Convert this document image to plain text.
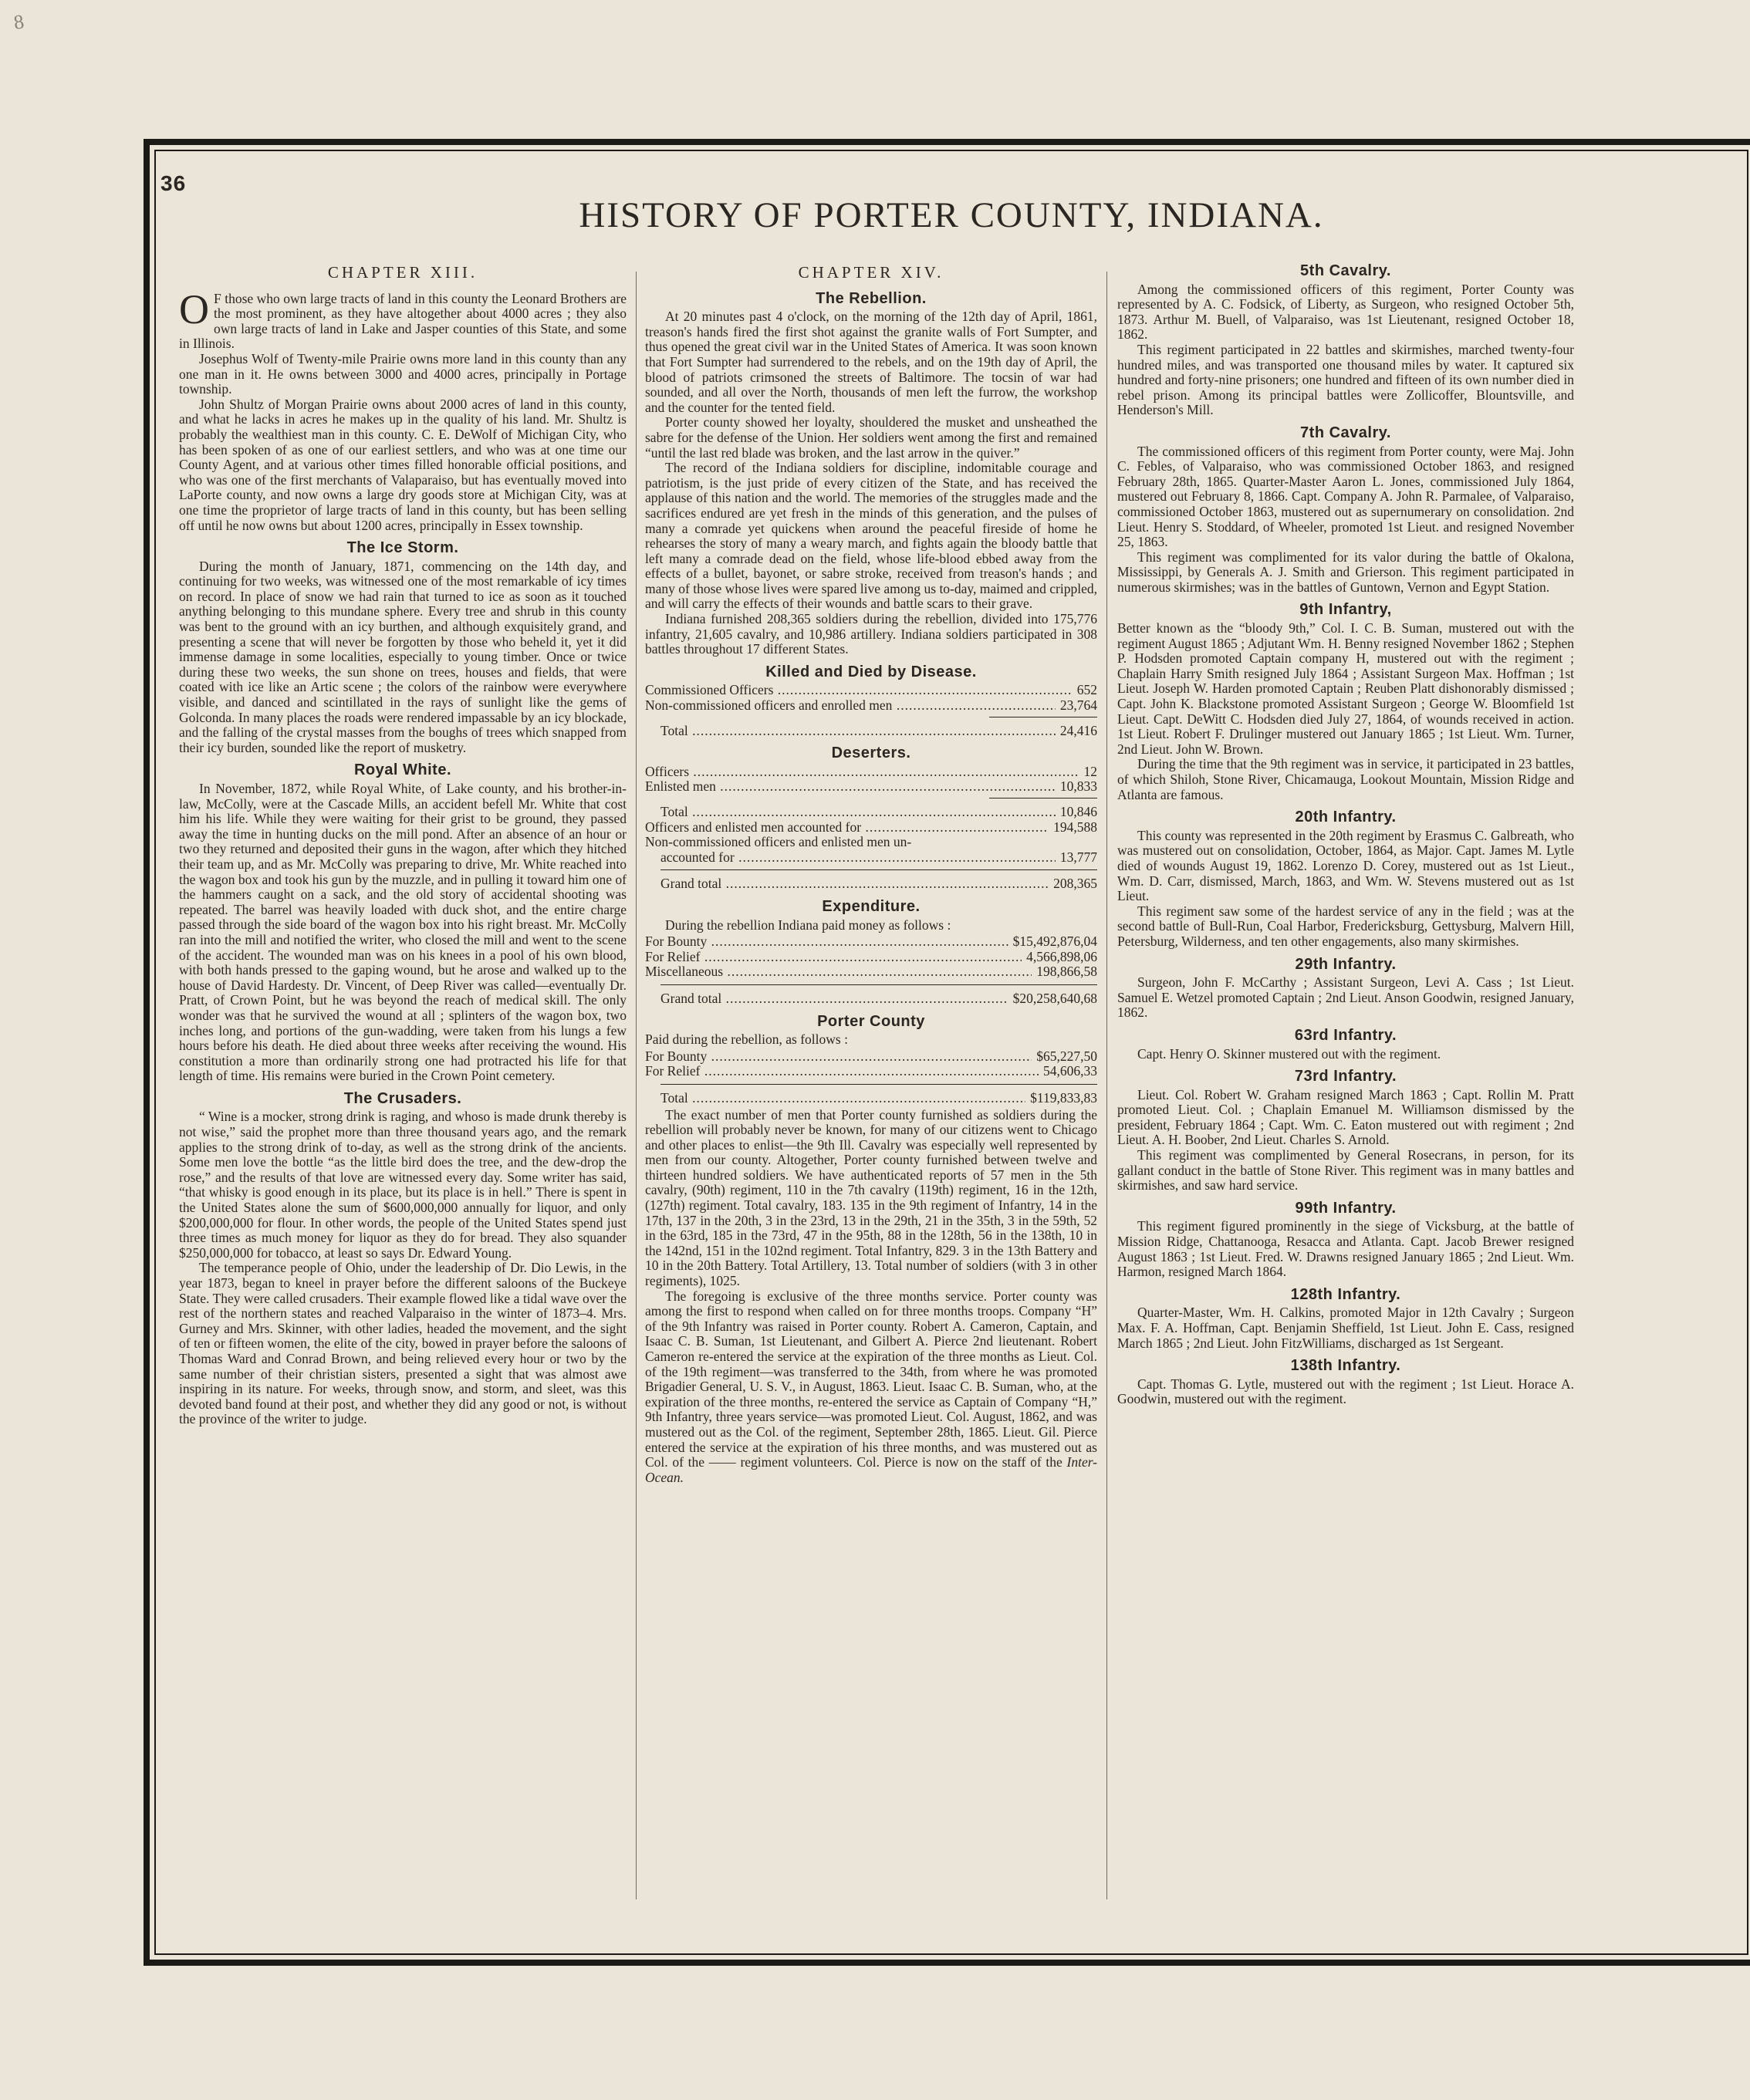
8
36
HISTORY OF PORTER COUNTY, INDIANA.
CHAPTER XIII.

O F those who own large tracts of land in this county the Leonard Brothers are the most prominent, as they have altogether about 4000 acres ; they also own large tracts of land in Lake and Jasper counties of this State, and some in Illinois.

Josephus Wolf of Twenty-mile Prairie owns more land in this county than any one man in it. He owns between 3000 and 4000 acres, principally in Portage township.

John Shultz of Morgan Prairie owns about 2000 acres of land in this county, and what he lacks in acres he makes up in the quality of his land. Mr. Shultz is probably the wealthiest man in this county. C. E. DeWolf of Michigan City, who has been spoken of as one of our earliest settlers, and who was at one time our County Agent, and at various other times filled honorable official positions, and who was one of the first merchants of Valaparaiso, but has eventually moved into LaPorte county, and now owns a large dry goods store at Michigan City, was at one time the proprietor of large tracts of land in this county, but has been selling off until he now owns but about 1200 acres, principally in Essex township.

The Ice Storm.

During the month of January, 1871, commencing on the 14th day, and continuing for two weeks, was witnessed one of the most remarkable of icy times on record. In place of snow we had rain that turned to ice as soon as it touched anything belonging to this mundane sphere. Every tree and shrub in this county was bent to the ground with an icy burthen, and although exquisitely grand, and presenting a scene that will never be forgotten by those who beheld it, yet it did immense damage in some localities, especially to young timber. Once or twice during these two weeks, the sun shone on trees, houses and fields, that were coated with ice like an Artic scene ; the colors of the rainbow were everywhere visible, and danced and scintillated in the rays of sunlight like the gems of Golconda. In many places the roads were rendered impassable by an icy blockade, and the falling of the crystal masses from the boughs of trees which snapped from their icy burden, sounded like the report of musketry.

Royal White.

In November, 1872, while Royal White, of Lake county, and his brother-in-law, McColly, were at the Cascade Mills, an accident befell Mr. White that cost him his life. While they were waiting for their grist to be ground, they passed away the time in hunting ducks on the mill pond. After an absence of an hour or two they returned and deposited their guns in the wagon, after which they hitched their team up, and as Mr. McColly was preparing to drive, Mr. White reached into the wagon box and took his gun by the muzzle, and in pulling it toward him one of the hammers caught on a sack, and the old story of accidental shooting was repeated. The barrel was heavily loaded with duck shot, and the entire charge passed through the side board of the wagon box into his right breast. Mr. McColly ran into the mill and notified the writer, who closed the mill and went to the scene of the accident. The wounded man was on his knees in a pool of his own blood, with both hands pressed to the gaping wound, but he arose and walked up to the house of David Hardesty. Dr. Vincent, of Deep River was called—eventually Dr. Pratt, of Crown Point, but he was beyond the reach of medical skill. The only wonder was that he survived the wound at all ; splinters of the wagon box, two inches long, and portions of the gun-wadding, were taken from his lungs a few hours before his death. He died about three weeks after receiving the wound. His constitution a more than ordinarily strong one had protracted his life for that length of time. His remains were buried in the Crown Point cemetery.

The Crusaders.

“ Wine is a mocker, strong drink is raging, and whoso is made drunk thereby is not wise,” said the prophet more than three thousand years ago, and the remark applies to the strong drink of to-day, as well as the strong drink of the ancients. Some men love the bottle “as the little bird does the tree, and the dew-drop the rose,” and the results of that love are witnessed every day. Some writer has said, “that whisky is good enough in its place, but its place is in hell.” There is spent in the United States alone the sum of $600,000,000 annually for liquor, and only $200,000,000 for flour. In other words, the people of the United States spend just three times as much money for liquor as they do for bread. They also squander $250,000,000 for tobacco, at least so says Dr. Edward Young.

The temperance people of Ohio, under the leadership of Dr. Dio Lewis, in the year 1873, began to kneel in prayer before the different saloons of the Buckeye State. They were called crusaders. Their example flowed like a tidal wave over the rest of the northern states and reached Valparaiso in the winter of 1873–4. Mrs. Gurney and Mrs. Skinner, with other ladies, headed the movement, and the sight of ten or fifteen women, the elite of the city, bowed in prayer before the saloons of Thomas Ward and Conrad Brown, and being relieved every hour or two by the same number of their christian sisters, presented a sight that was almost awe inspiring in its nature. For weeks, through snow, and storm, and sleet, was this devoted band found at their post, and whether they did any good or not, is without the province of the writer to judge.

CHAPTER XIV.
The Rebellion.

At 20 minutes past 4 o'clock, on the morning of the 12th day of April, 1861, treason's hands fired the first shot against the granite walls of Fort Sumpter, and thus opened the great civil war in the United States of America. It was soon known that Fort Sumpter had surrendered to the rebels, and on the 19th day of April, the blood of patriots crimsoned the streets of Baltimore. The tocsin of war had sounded, and all over the North, thousands of men left the furrow, the workshop and the counter for the tented field.

Porter county showed her loyalty, shouldered the musket and unsheathed the sabre for the defense of the Union. Her soldiers went among the first and remained “until the last red blade was broken, and the last arrow in the quiver.”

The record of the Indiana soldiers for discipline, indomitable courage and patriotism, is the just pride of every citizen of the State, and has received the applause of this nation and the world. The memories of the struggles made and the sacrifices endured are yet fresh in the minds of this generation, and the pulses of many a comrade yet quickens when around the peaceful fireside of home he rehearses the story of many a weary march, and fights again the bloody battle that left many a comrade dead on the field, whose life-blood ebbed away from the effects of a bullet, bayonet, or sabre stroke, received from treason's hands ; and many of those whose lives were spared live among us to-day, maimed and crippled, and will carry the effects of their wounds and battle scars to their grave.

Indiana furnished 208,365 soldiers during the rebellion, divided into 175,776 infantry, 21,605 cavalry, and 10,986 artillery. Indiana soldiers participated in 308 battles throughout 17 different States.

Killed and Died by Disease.
Commissioned Officers .....	652
Non-commissioned officers and enrolled men .....	23,764
Total .....	24,416
Deserters.
Officers .....	12
Enlisted men .....	10,833
Total .....	10,846
Officers and enlisted men accounted for .....	194,588
Non-commissioned officers and enlisted men un-
accounted for .....	13,777
Grand total .....	208,365
Expenditure.

During the rebellion Indiana paid money as follows :

For Bounty .....	$15,492,876,04
For Relief .....	4,566,898,06
Miscellaneous .....	198,866,58
Grand total .....	$20,258,640,68
Porter County

Paid during the rebellion, as follows :

For Bounty .....	$65,227,50
For Relief .....	54,606,33
Total .....	$119,833,83

The exact number of men that Porter county furnished as soldiers during the rebellion will probably never be known, for many of our citizens went to Chicago and other places to enlist—the 9th Ill. Cavalry was especially well represented by men from our county. Altogether, Porter county furnished between twelve and thirteen hundred soldiers. We have authenticated reports of 57 men in the 5th cavalry, (90th) regiment, 110 in the 7th cavalry (119th) regiment, 16 in the 12th, (127th) regiment. Total cavalry, 183. 135 in the 9th regiment of Infantry, 14 in the 17th, 137 in the 20th, 3 in the 23rd, 13 in the 29th, 21 in the 35th, 3 in the 59th, 52 in the 63rd, 185 in the 73rd, 47 in the 95th, 88 in the 128th, 56 in the 138th, 10 in the 142nd, 151 in the 102nd regiment. Total Infantry, 829. 3 in the 13th Battery and 10 in the 20th Battery. Total Artillery, 13. Total number of soldiers (with 3 in other regiments), 1025.

The foregoing is exclusive of the three months service. Porter county was among the first to respond when called on for three months troops. Company “H” of the 9th Infantry was raised in Porter county. Robert A. Cameron, Captain, and Isaac C. B. Suman, 1st Lieutenant, and Gilbert A. Pierce 2nd lieutenant. Robert Cameron re-entered the service at the expiration of the three months as Lieut. Col. of the 19th regiment—was transferred to the 34th, from where he was promoted Brigadier General, U. S. V., in August, 1863. Lieut. Isaac C. B. Suman, who, at the expiration of the three months, re-entered the service as Captain of Company “H,” 9th Infantry, three years service—was promoted Lieut. Col. August, 1862, and was mustered out as the Col. of the regiment, September 28th, 1865. Lieut. Gil. Pierce entered the service at the expiration of his three months, and was mustered out as Col. of the —— regiment volunteers. Col. Pierce is now on the staff of the Inter-Ocean.

5th Cavalry.

Among the commissioned officers of this regiment, Porter County was represented by A. C. Fodsick, of Liberty, as Surgeon, who resigned October 5th, 1873. Arthur M. Buell, of Valparaiso, was 1st Lieutenant, resigned October 18, 1862.

This regiment participated in 22 battles and skirmishes, marched twenty-four hundred miles, and was transported one thousand miles by water. It captured six hundred and forty-nine prisoners; one hundred and fifteen of its own number died in rebel prison. Among its principal battles were Zollicoffer, Blountsville, and Henderson's Mill.

7th Cavalry.

The commissioned officers of this regiment from Porter county, were Maj. John C. Febles, of Valparaiso, who was commissioned October 1863, and resigned February 28th, 1865. Quarter-Master Aaron L. Jones, commissioned July 1864, mustered out February 8, 1866. Capt. Company A. John R. Parmalee, of Valparaiso, commissioned October 1863, mustered out as supernumerary on consolidation. 2nd Lieut. Henry S. Stoddard, of Wheeler, promoted 1st Lieut. and resigned November 25, 1863.

This regiment was complimented for its valor during the battle of Okalona, Mississippi, by Generals A. J. Smith and Grierson. This regiment participated in numerous skirmishes; was in the battles of Guntown, Vernon and Egypt Station.

9th Infantry,

Better known as the “bloody 9th,” Col. I. C. B. Suman, mustered out with the regiment August 1865 ; Adjutant Wm. H. Benny resigned November 1862 ; Stephen P. Hodsden promoted Captain company H, mustered out with the regiment ; Chaplain Harry Smith resigned July 1864 ; Assistant Surgeon Max. Hoffman ; 1st Lieut. Joseph W. Harden promoted Captain ; Reuben Platt dishonorably dismissed ; Capt. John K. Blackstone promoted Assistant Surgeon ; George W. Bloomfield 1st Lieut. Capt. DeWitt C. Hodsden died July 27, 1864, of wounds received in action. 1st Lieut. Robert F. Drulinger mustered out January 1865 ; 1st Lieut. Wm. Turner, 2nd Lieut. John W. Brown.

During the time that the 9th regiment was in service, it participated in 23 battles, of which Shiloh, Stone River, Chicamauga, Lookout Mountain, Mission Ridge and Atlanta are famous.

20th Infantry.

This county was represented in the 20th regiment by Erasmus C. Galbreath, who was mustered out on consolidation, October, 1864, as Major. Capt. James M. Lytle died of wounds August 19, 1862. Lorenzo D. Corey, mustered out as 1st Lieut., Wm. D. Carr, dismissed, March, 1863, and Wm. W. Stevens mustered out as 1st Lieut.

This regiment saw some of the hardest service of any in the field ; was at the second battle of Bull-Run, Coal Harbor, Fredericksburg, Gettysburg, Malvern Hill, Petersburg, Wilderness, and ten other engagements, also many skirmishes.

29th Infantry.

Surgeon, John F. McCarthy ; Assistant Surgeon, Levi A. Cass ; 1st Lieut. Samuel E. Wetzel promoted Captain ; 2nd Lieut. Anson Goodwin, resigned January, 1862.

63rd Infantry.

Capt. Henry O. Skinner mustered out with the regiment.

73rd Infantry.

Lieut. Col. Robert W. Graham resigned March 1863 ; Capt. Rollin M. Pratt promoted Lieut. Col. ; Chaplain Emanuel M. Williamson dismissed by the president, February 1864 ; Capt. Wm. C. Eaton mustered out with regiment ; 2nd Lieut. A. H. Boober, 2nd Lieut. Charles S. Arnold.

This regiment was complimented by General Rosecrans, in person, for its gallant conduct in the battle of Stone River. This regiment was in many battles and skirmishes, and saw hard service.

99th Infantry.

This regiment figured prominently in the siege of Vicksburg, at the battle of Mission Ridge, Chattanooga, Resacca and Atlanta. Capt. Jacob Brewer resigned August 1863 ; 1st Lieut. Fred. W. Drawns resigned January 1865 ; 2nd Lieut. Wm. Harmon, resigned March 1864.

128th Infantry.

Quarter-Master, Wm. H. Calkins, promoted Major in 12th Cavalry ; Surgeon Max. F. A. Hoffman, Capt. Benjamin Sheffield, 1st Lieut. John E. Cass, resigned March 1865 ; 2nd Lieut. John FitzWilliams, discharged as 1st Sergeant.

138th Infantry.

Capt. Thomas G. Lytle, mustered out with the regiment ; 1st Lieut. Horace A. Goodwin, mustered out with the regiment.
